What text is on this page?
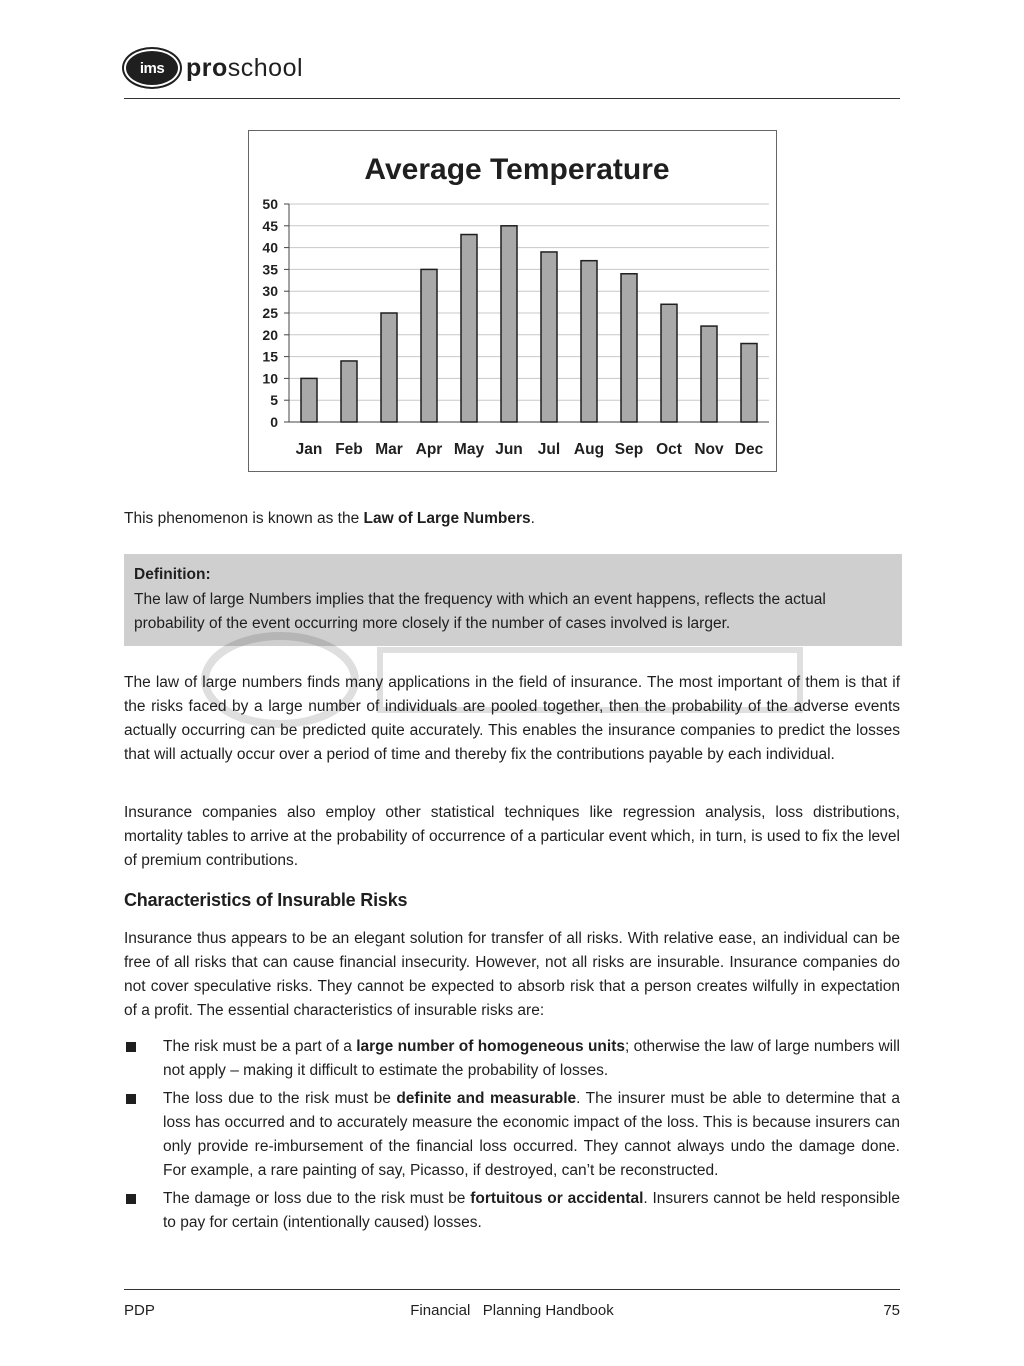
ims proschool
Average Temperature
0
5
10
15
20
25
30
35
40
45
50
Jan Feb Mar Apr May Jun Jul Aug Sep Oct Nov Dec

This phenomenon is known as the Law of Large Numbers.

Definition:
The law of large Numbers implies that the frequency with which an event happens, reflects the actual probability of the event occurring more closely if the number of cases involved is larger.

The law of large numbers finds many applications in the field of insurance. The most important of them is that if the risks faced by a large number of individuals are pooled together, then the probability of the adverse events actually occurring can be predicted quite accurately. This enables the insurance companies to predict the losses that will actually occur over a period of time and thereby fix the contributions payable by each individual.

Insurance companies also employ other statistical techniques like regression analysis, loss distributions, mortality tables to arrive at the probability of occurrence of a particular event which, in turn, is used to fix the level of premium contributions.

Characteristics of Insurable Risks

Insurance thus appears to be an elegant solution for transfer of all risks. With relative ease, an individual can be free of all risks that can cause financial insecurity. However, not all risks are insurable. Insurance companies do not cover speculative risks. They cannot be expected to absorb risk that a person creates wilfully in expectation of a profit. The essential characteristics of insurable risks are:

The risk must be a part of a large number of homogeneous units; otherwise the law of large numbers will not apply – making it difficult to estimate the probability of losses.

The loss due to the risk must be definite and measurable. The insurer must be able to determine that a loss has occurred and to accurately measure the economic impact of the loss. This is because insurers can only provide re-imbursement of the financial loss occurred. They cannot always undo the damage done. For example, a rare painting of say, Picasso, if destroyed, can’t be reconstructed.

The damage or loss due to the risk must be fortuitous or accidental. Insurers cannot be held responsible to pay for certain (intentionally caused) losses.

PDP	Financial   Planning Handbook	75
